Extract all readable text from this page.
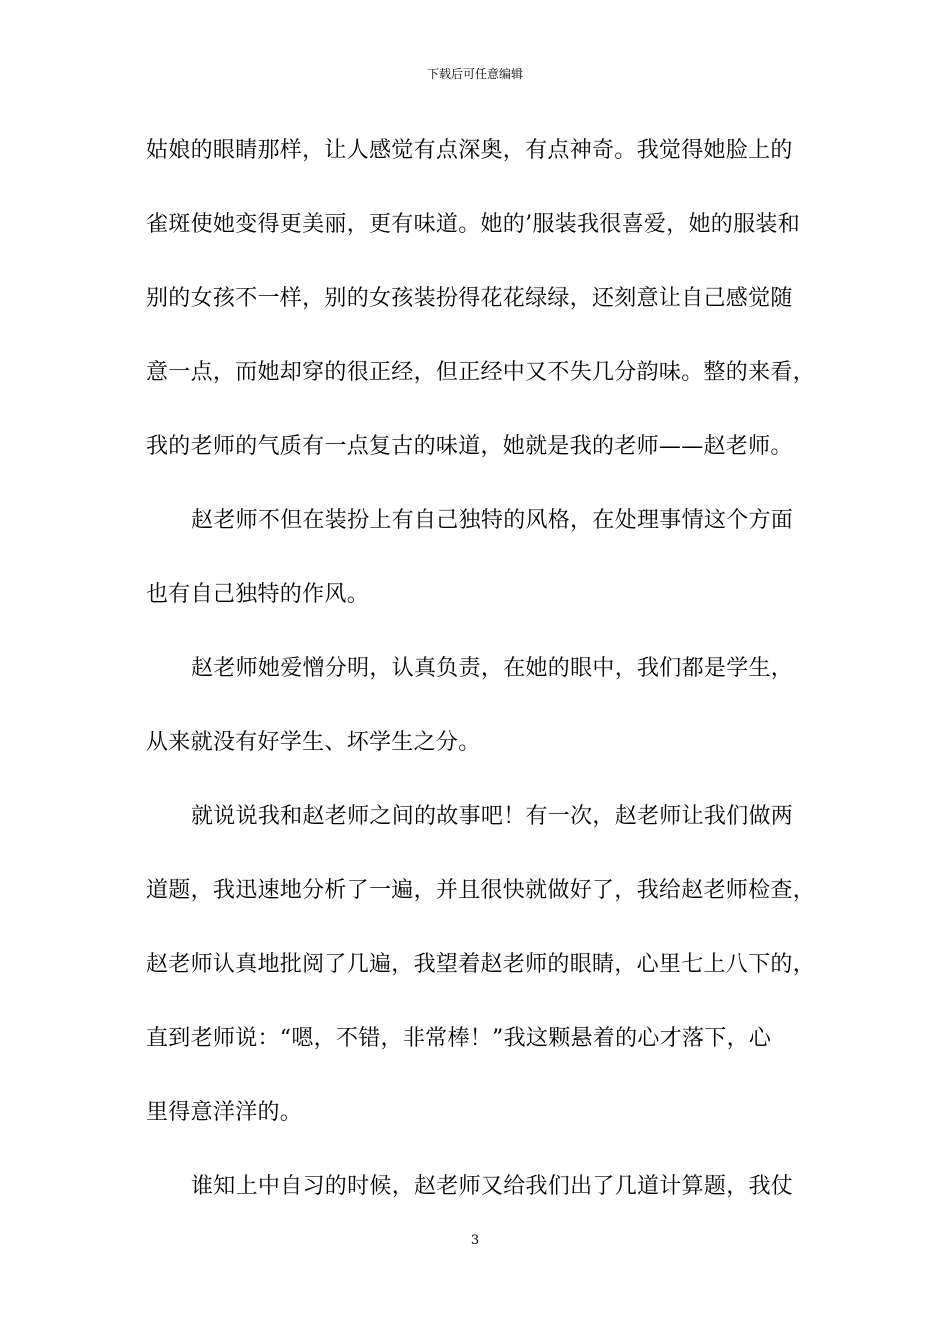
下载后可任意编辑
姑娘的眼睛那样，让人感觉有点深奥，有点神奇。我觉得她脸上的
雀斑使她变得更美丽，更有味道。她的’服装我很喜爱，她的服装和
别的女孩不一样，别的女孩装扮得花花绿绿，还刻意让自己感觉随
意一点，而她却穿的很正经，但正经中又不失几分韵味。整的来看，
我的老师的气质有一点复古的味道，她就是我的老师——赵老师。
赵老师不但在装扮上有自己独特的风格，在处理事情这个方面
也有自己独特的作风。
赵老师她爱憎分明，认真负责，在她的眼中，我们都是学生，
从来就没有好学生、坏学生之分。
就说说我和赵老师之间的故事吧！有一次，赵老师让我们做两
道题，我迅速地分析了一遍，并且很快就做好了，我给赵老师检查，
赵老师认真地批阅了几遍，我望着赵老师的眼睛，心里七上八下的，
直到老师说：“嗯，不错，非常棒！”我这颗悬着的心才落下，心
里得意洋洋的。
谁知上中自习的时候，赵老师又给我们出了几道计算题，我仗
3
